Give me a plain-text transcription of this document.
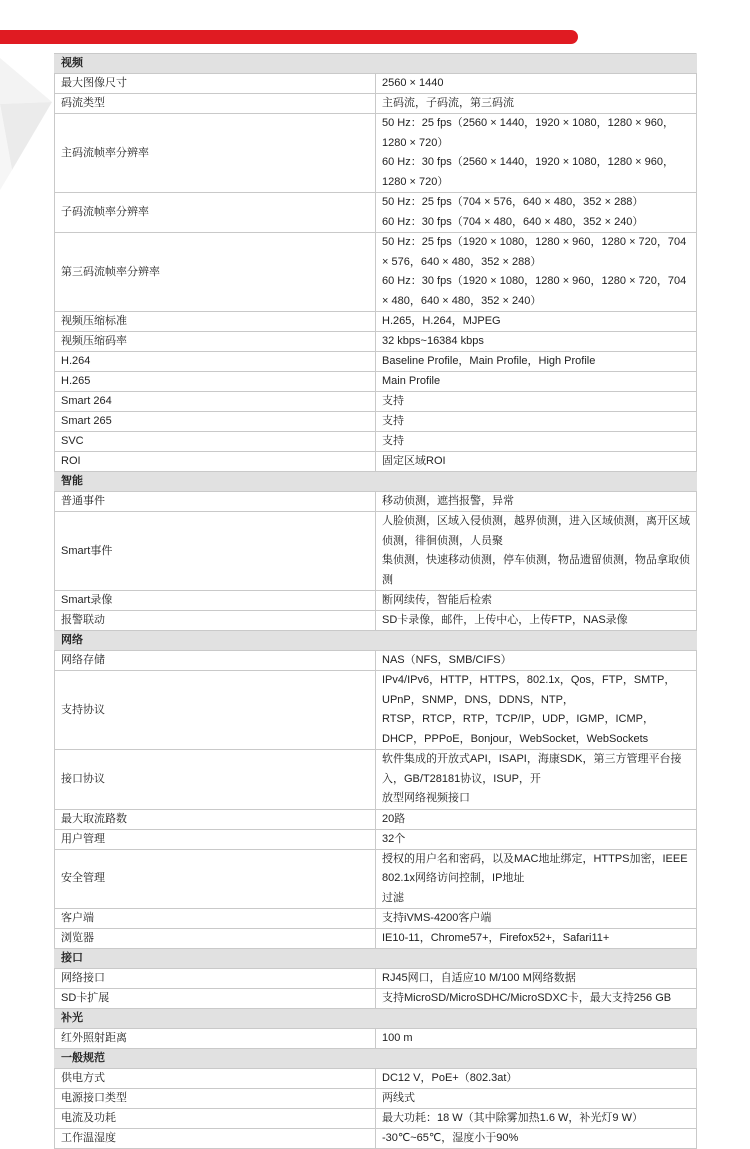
视频	
最大图像尺寸	2560 × 1440
码流类型	主码流，子码流，第三码流
主码流帧率分辨率	50 Hz：25 fps（2560 × 1440，1920 × 1080，1280 × 960，1280 × 720）
60 Hz：30 fps（2560 × 1440，1920 × 1080，1280 × 960，1280 × 720）

子码流帧率分辨率	50 Hz：25 fps（704 × 576，640 × 480，352 × 288）
60 Hz：30 fps（704 × 480，640 × 480，352 × 240）

第三码流帧率分辨率	50 Hz：25 fps（1920 × 1080，1280 × 960，1280 × 720，704 × 576，640 × 480，352 × 288）
60 Hz：30 fps（1920 × 1080，1280 × 960，1280 × 720，704 × 480，640 × 480，352 × 240）

视频压缩标准	H.265，H.264，MJPEG
视频压缩码率	32 kbps~16384 kbps
H.264	Baseline Profile，Main Profile，High Profile
H.265	Main Profile
Smart 264	支持
Smart 265	支持
SVC	支持
ROI	固定区域ROI
智能	
普通事件	移动侦测，遮挡报警，异常
Smart事件	人脸侦测，区域入侵侦测，越界侦测，进入区域侦测，离开区域侦测，徘徊侦测，人员聚
集侦测，快速移动侦测，停车侦测，物品遗留侦测，物品拿取侦测

Smart录像	断网续传，智能后检索
报警联动	SD卡录像，邮件，上传中心，上传FTP，NAS录像
网络	
网络存储	NAS（NFS，SMB/CIFS）
支持协议	IPv4/IPv6，HTTP，HTTPS，802.1x，Qos，FTP，SMTP，UPnP，SNMP，DNS，DDNS，NTP，
RTSP，RTCP，RTP，TCP/IP，UDP，IGMP，ICMP，DHCP，PPPoE，Bonjour，WebSocket，WebSockets

接口协议	软件集成的开放式API，ISAPI，海康SDK，第三方管理平台接入，GB/T28181协议，ISUP，开
放型网络视频接口

最大取流路数	20路
用户管理	32个
安全管理	授权的用户名和密码，以及MAC地址绑定，HTTPS加密，IEEE 802.1x网络访问控制，IP地址
过滤

客户端	支持iVMS-4200客户端
浏览器	IE10-11，Chrome57+，Firefox52+，Safari11+
接口	
网络接口	RJ45网口，自适应10 M/100 M网络数据
SD卡扩展	支持MicroSD/MicroSDHC/MicroSDXC卡，最大支持256 GB
补光	
红外照射距离	100 m
一般规范	
供电方式	DC12 V，PoE+（802.3at）
电源接口类型	两线式
电流及功耗	最大功耗：18 W（其中除雾加热1.6 W，补光灯9 W）
工作温湿度	-30℃~65℃，湿度小于90%
